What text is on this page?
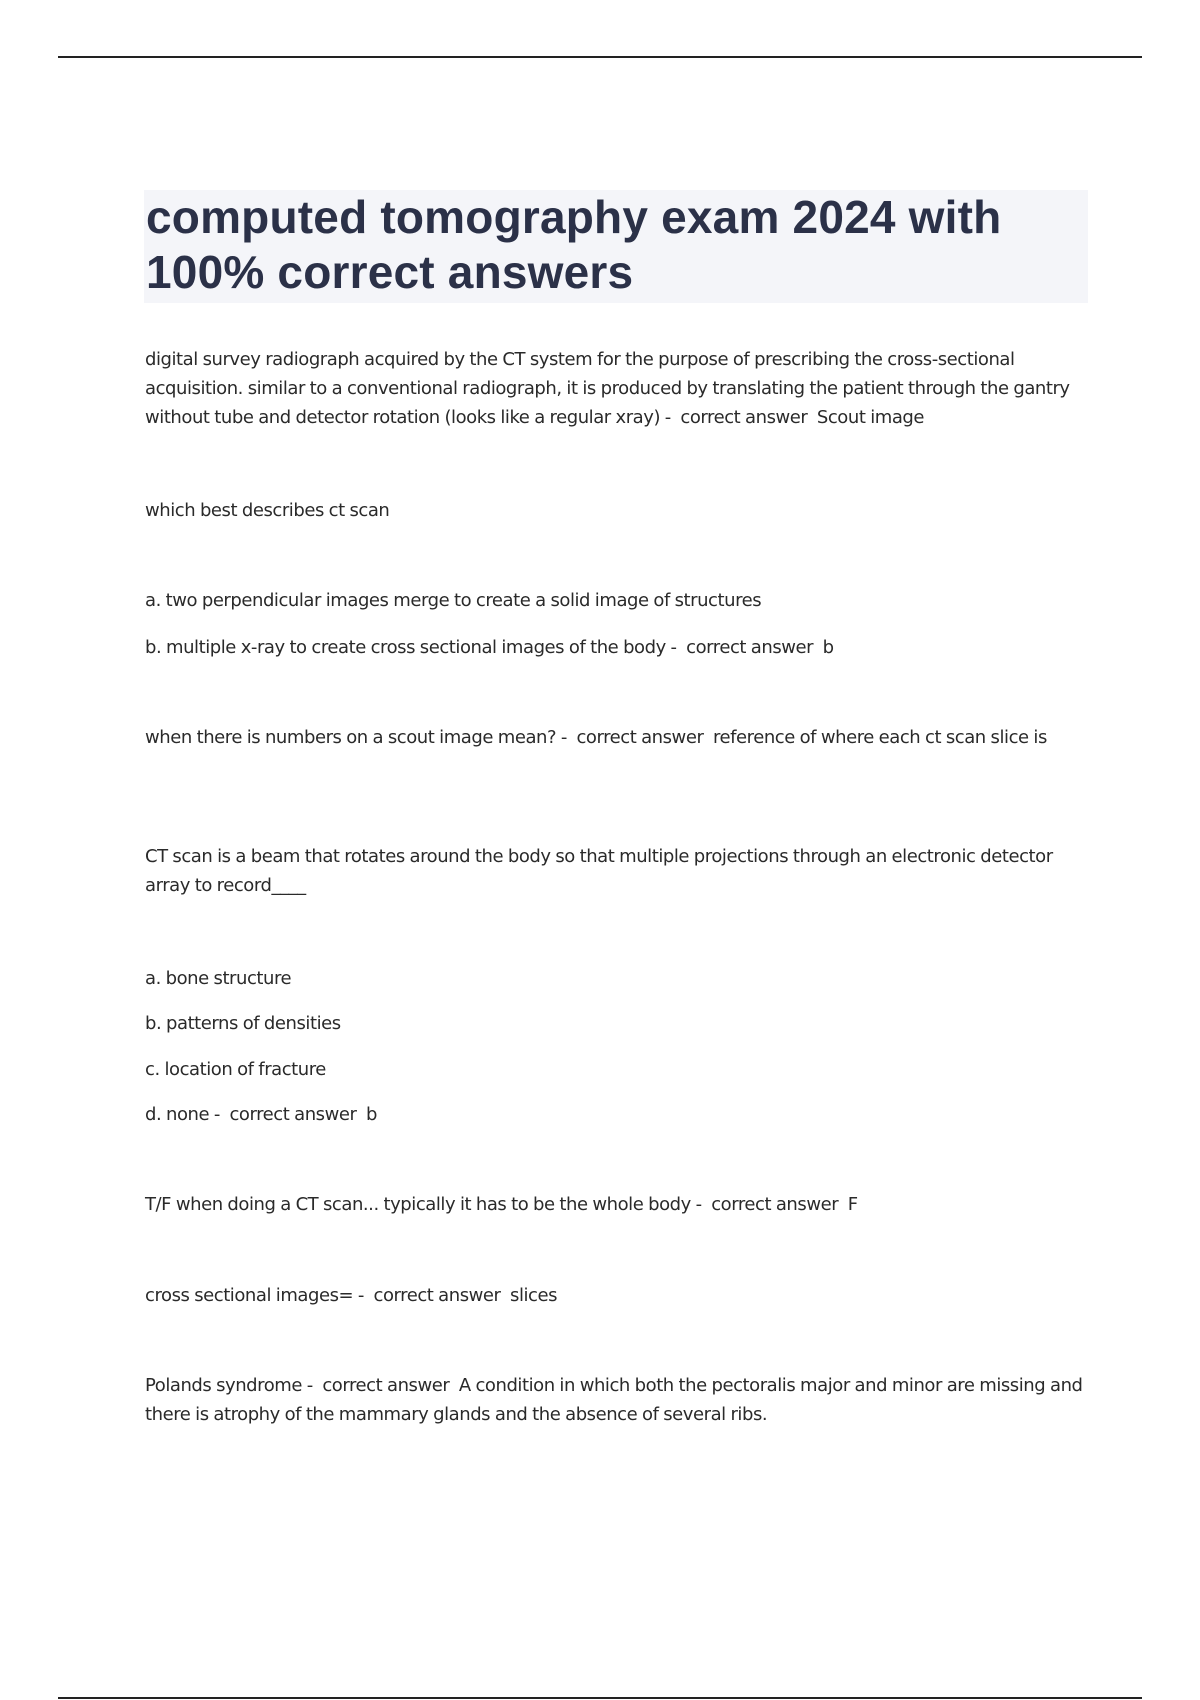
computed tomography exam 2024 with
100% correct answers

digital survey radiograph acquired by the CT system for the purpose of prescribing the cross-sectional acquisition. similar to a conventional radiograph, it is produced by translating the patient through the gantry without tube and detector rotation (looks like a regular xray) -  correct answer  Scout image

which best describes ct scan

a. two perpendicular images merge to create a solid image of structures

b. multiple x-ray to create cross sectional images of the body -  correct answer  b

when there is numbers on a scout image mean? -  correct answer  reference of where each ct scan slice is

CT scan is a beam that rotates around the body so that multiple projections through an electronic detector array to record____

a. bone structure

b. patterns of densities

c. location of fracture

d. none -  correct answer  b

T/F when doing a CT scan... typically it has to be the whole body -  correct answer  F

cross sectional images= -  correct answer  slices

Polands syndrome -  correct answer  A condition in which both the pectoralis major and minor are missing and there is atrophy of the mammary glands and the absence of several ribs.
